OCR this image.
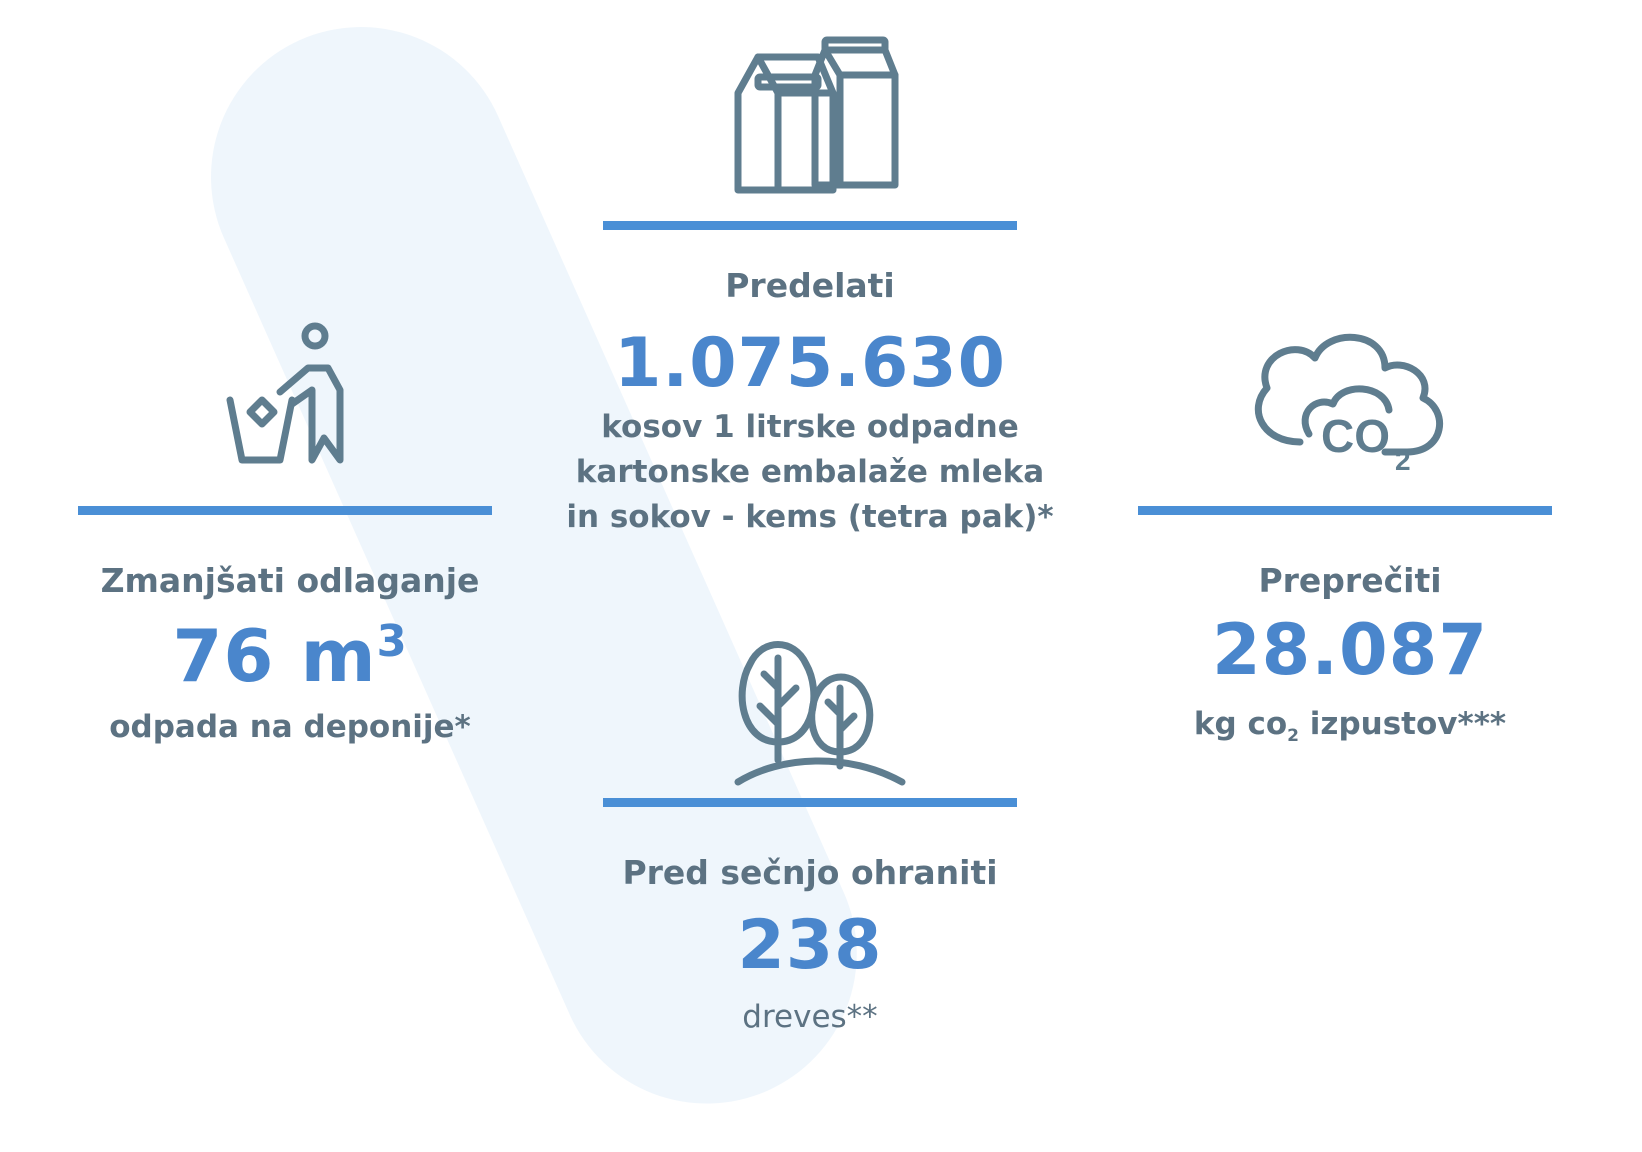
Predelati
1.075.630
kosov 1 litrske odpadne
kartonske embalaže mleka
in sokov - kems (tetra pak)*
Zmanjšati odlaganje
76 $m^3$
odpada na deponije*
CO 2
Preprečiti
28.087
kg $co_2$ izpustov***
Pred sečnjo ohraniti
238
dreves**
